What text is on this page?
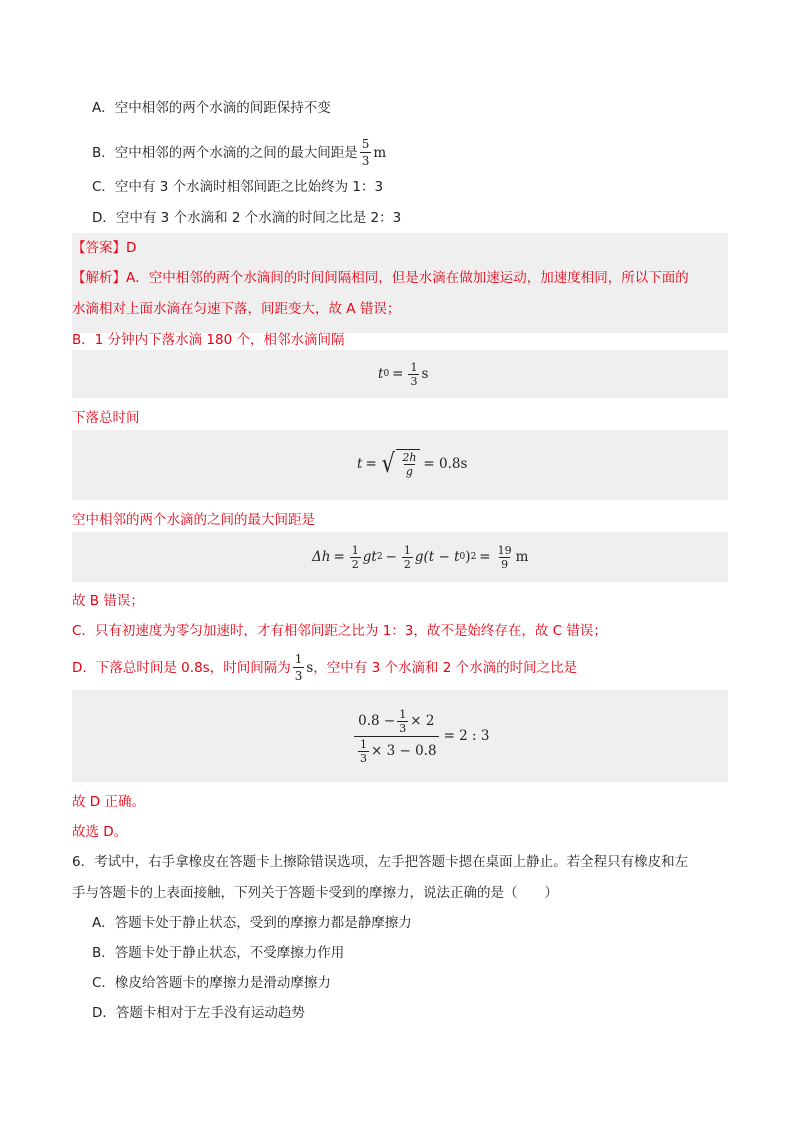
A．空中相邻的两个水滴的间距保持不变
B．空中相邻的两个水滴的之间的最大间距是 $\frac{5}{3}$ m
C．空中有 3 个水滴时相邻间距之比始终为 1：3
D．空中有 3 个水滴和 2 个水滴的时间之比是 2：3
【答案】D
【解析】A．空中相邻的两个水滴间的时间间隔相同，但是水滴在做加速运动，加速度相同，所以下面的
水滴相对上面水滴在匀速下落，间距变大，故 A 错误；
B．1 分钟内下落水滴 180 个，相邻水滴间隔
t $0 = \frac{1}{3}$ s
下落总时间
t = √ $\frac{2h}{g} = 0.8s$
空中相邻的两个水滴的之间的最大间距是
$\Delta h = \frac{1}{2}$ gt $2 - \frac{1}{2} g(t - t$ 0 ) $2 = \frac{19}{9}$ m
故 B 错误；
C．只有初速度为零匀加速时，才有相邻间距之比为 1：3，故不是始终存在，故 C 错误；
D．下落总时间是 0.8s，时间间隔为 $\frac{1}{3}$ s ，空中有 3 个水滴和 2 个水滴的时间之比是
$\frac{0.8 - \frac{1}{3} \times 2}{\frac{1}{3} \times 3 - 0.8} = 2$ : 3
故 D 正确。
故选 D。
6．考试中，右手拿橡皮在答题卡上擦除错误选项，左手把答题卡摁在桌面上静止。若全程只有橡皮和左
手与答题卡的上表面接触，下列关于答题卡受到的摩擦力，说法正确的是（　　）
A．答题卡处于静止状态，受到的摩擦力都是静摩擦力
B．答题卡处于静止状态，不受摩擦力作用
C．橡皮给答题卡的摩擦力是滑动摩擦力
D．答题卡相对于左手没有运动趋势
